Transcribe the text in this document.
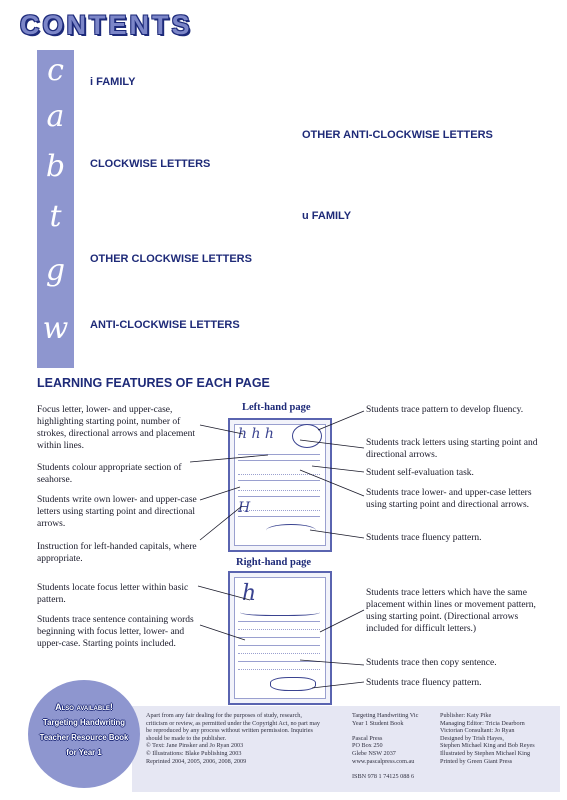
CONTENTS
c
a
b
t
g
w
i FAMILY
CLOCKWISE LETTERS
OTHER CLOCKWISE LETTERS
ANTI-CLOCKWISE LETTERS
OTHER ANTI-CLOCKWISE LETTERS
u FAMILY
LEARNING FEATURES OF EACH PAGE
Left-hand page
Right-hand page
h h h
H
h
Focus letter, lower- and upper-case, highlighting starting point, number of strokes, directional arrows and placement within lines.
Students colour appropriate section of seahorse.
Students write own lower- and upper-case letters using starting point and directional arrows.
Instruction for left-handed capitals, where appropriate.
Students locate focus letter within basic pattern.
Students trace sentence containing words beginning with focus letter, lower- and upper-case. Starting points included.
Students trace pattern to develop fluency.
Students track letters using starting point and directional arrows.
Student self-evaluation task.
Students trace lower- and upper-case letters using starting point and directional arrows.
Students trace fluency pattern.
Students trace letters which have the same placement within lines or movement pattern, using starting point. (Directional arrows included for difficult letters.)
Students trace then copy sentence.
Students trace fluency pattern.
Apart from any fair dealing for the purposes of study, research,
criticism or review, as permitted under the Copyright Act, no part may
be reproduced by any process without written permission. Inquiries
should be made to the publisher.
© Text: Jane Pinsker and Jo Ryan 2003
© Illustrations: Blake Publishing 2003
Reprinted 2004, 2005, 2006, 2008, 2009
Targeting Handwriting Vic
Year 1 Student Book
Pascal Press
PO Box 250
Glebe NSW 2037
www.pascalpress.com.au
ISBN 978 1 74125 088 6
Publisher: Katy Pike
Managing Editor: Tricia Dearborn
Victorian Consultant: Jo Ryan
Designed by Trish Hayes,
Stephen Michael King and Bob Reyes
Illustrated by Stephen Michael King
Printed by Green Giant Press
Also available!
Targeting Handwriting
Teacher Resource Book
for Year 1
